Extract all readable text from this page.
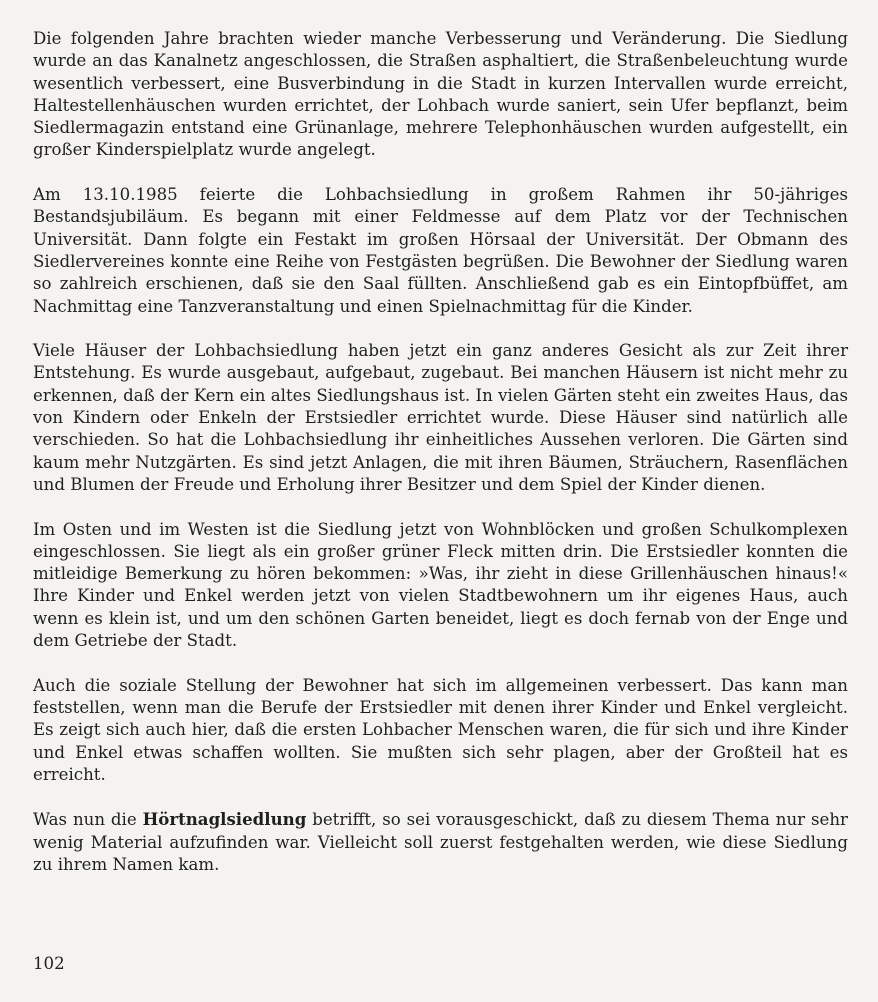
Die folgenden Jahre brachten wieder manche Verbesserung und Veränderung. Die Siedlung wurde an das Kanalnetz angeschlossen, die Straßen asphaltiert, die Straßenbeleuchtung wurde wesentlich verbessert, eine Busverbindung in die Stadt in kurzen Intervallen wurde erreicht, Haltestellenhäuschen wurden errichtet, der Lohbach wurde saniert, sein Ufer bepflanzt, beim Siedlermagazin entstand eine Grünanlage, mehrere Telephonhäuschen wurden aufgestellt, ein großer Kinderspielplatz wurde angelegt.

Am 13.10.1985 feierte die Lohbachsiedlung in großem Rahmen ihr 50-jähriges Bestandsjubiläum. Es begann mit einer Feldmesse auf dem Platz vor der Technischen Universität. Dann folgte ein Festakt im großen Hörsaal der Universität. Der Obmann des Siedlervereines konnte eine Reihe von Festgästen begrüßen. Die Bewohner der Siedlung waren so zahlreich erschienen, daß sie den Saal füllten. Anschließend gab es ein Eintopfbüffet, am Nachmittag eine Tanzveranstaltung und einen Spielnachmittag für die Kinder.

Viele Häuser der Lohbachsiedlung haben jetzt ein ganz anderes Gesicht als zur Zeit ihrer Entstehung. Es wurde ausgebaut, aufgebaut, zugebaut. Bei manchen Häusern ist nicht mehr zu erkennen, daß der Kern ein altes Siedlungshaus ist. In vielen Gärten steht ein zweites Haus, das von Kindern oder Enkeln der Erstsiedler errichtet wurde. Diese Häuser sind natürlich alle verschieden. So hat die Lohbachsiedlung ihr einheitliches Aussehen verloren. Die Gärten sind kaum mehr Nutzgärten. Es sind jetzt Anlagen, die mit ihren Bäumen, Sträuchern, Rasenflächen und Blumen der Freude und Erholung ihrer Besitzer und dem Spiel der Kinder dienen.

Im Osten und im Westen ist die Siedlung jetzt von Wohnblöcken und großen Schulkomplexen eingeschlossen. Sie liegt als ein großer grüner Fleck mitten drin. Die Erstsiedler konnten die mitleidige Bemerkung zu hören bekommen: »Was, ihr zieht in diese Grillenhäuschen hinaus!« Ihre Kinder und Enkel werden jetzt von vielen Stadtbewohnern um ihr eigenes Haus, auch wenn es klein ist, und um den schönen Garten beneidet, liegt es doch fernab von der Enge und dem Getriebe der Stadt.

Auch die soziale Stellung der Bewohner hat sich im allgemeinen verbessert. Das kann man feststellen, wenn man die Berufe der Erstsiedler mit denen ihrer Kinder und Enkel vergleicht. Es zeigt sich auch hier, daß die ersten Lohbacher Menschen waren, die für sich und ihre Kinder und Enkel etwas schaffen wollten. Sie mußten sich sehr plagen, aber der Großteil hat es erreicht.

Was nun die Hörtnaglsiedlung betrifft, so sei vorausgeschickt, daß zu diesem Thema nur sehr wenig Material aufzufinden war. Vielleicht soll zuerst festgehalten werden, wie diese Siedlung zu ihrem Namen kam.

102
